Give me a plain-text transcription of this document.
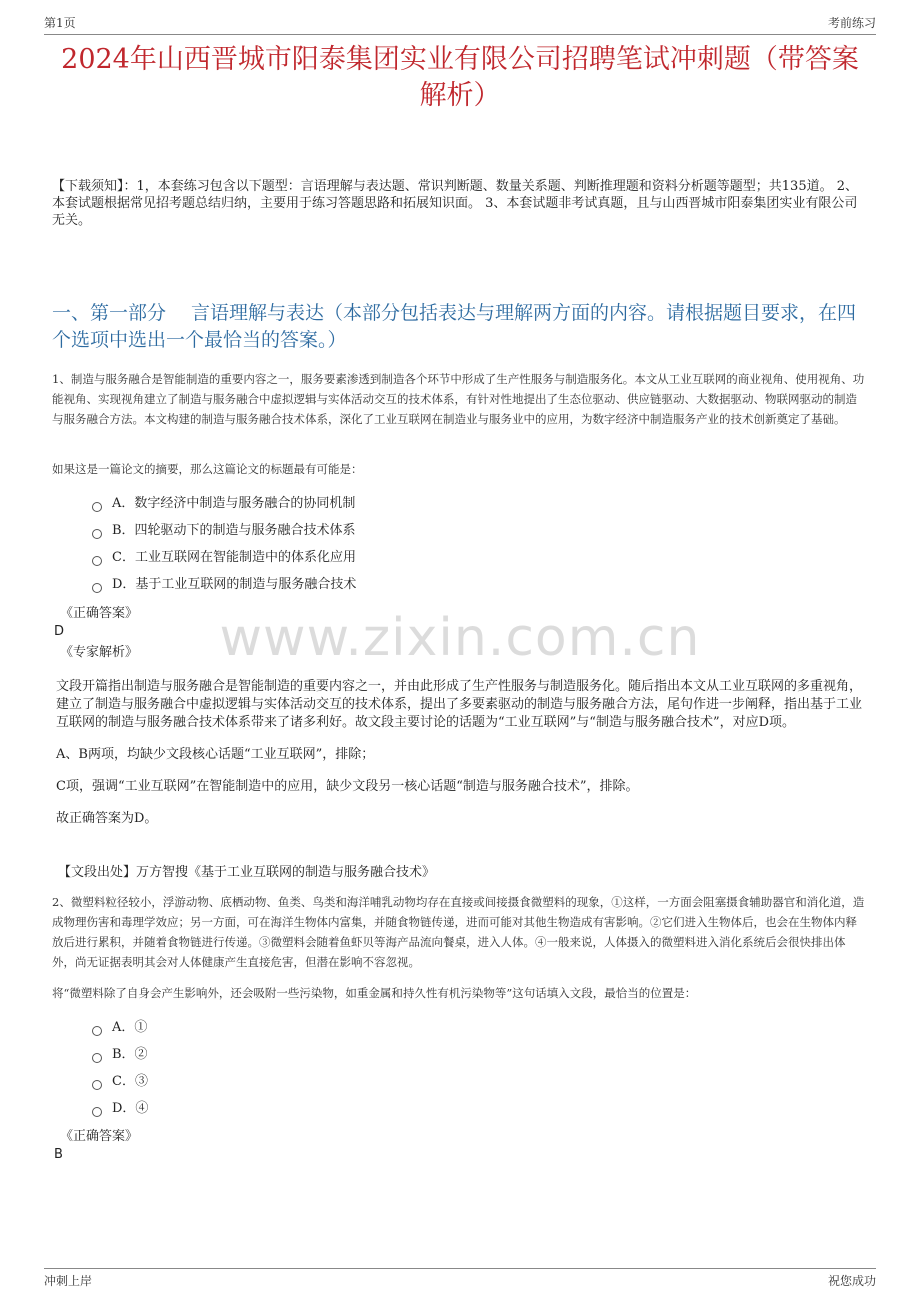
第1页	考前练习
2024年山西晋城市阳泰集团实业有限公司招聘笔试冲刺题（带答案解析）
【下载须知】：1，本套练习包含以下题型：言语理解与表达题、常识判断题、数量关系题、判断推理题和资料分析题等题型；共135道。 2、本套试题根据常见招考题总结归纳，主要用于练习答题思路和拓展知识面。 3、本套试题非考试真题，且与山西晋城市阳泰集团实业有限公司无关。
一、第一部分　 言语理解与表达（本部分包括表达与理解两方面的内容。请根据题目要求，在四个选项中选出一个最恰当的答案。）
1、制造与服务融合是智能制造的重要内容之一，服务要素渗透到制造各个环节中形成了生产性服务与制造服务化。本文从工业互联网的商业视角、使用视角、功能视角、实现视角建立了制造与服务融合中虚拟逻辑与实体活动交互的技术体系，有针对性地提出了生态位驱动、供应链驱动、大数据驱动、物联网驱动的制造与服务融合方法。本文构建的制造与服务融合技术体系，深化了工业互联网在制造业与服务业中的应用，为数字经济中制造服务产业的技术创新奠定了基础。
如果这是一篇论文的摘要，那么这篇论文的标题最有可能是：
A．数字经济中制造与服务融合的协同机制
B．四轮驱动下的制造与服务融合技术体系
C．工业互联网在智能制造中的体系化应用
D．基于工业互联网的制造与服务融合技术
www.zixin.com.cn
《正确答案》
D
《专家解析》

文段开篇指出制造与服务融合是智能制造的重要内容之一，并由此形成了生产性服务与制造服务化。随后指出本文从工业互联网的多重视角，建立了制造与服务融合中虚拟逻辑与实体活动交互的技术体系，提出了多要素驱动的制造与服务融合方法，尾句作进一步阐释，指出基于工业互联网的制造与服务融合技术体系带来了诸多利好。故文段主要讨论的话题为“工业互联网”与“制造与服务融合技术”，对应D项。

A、B两项，均缺少文段核心话题“工业互联网”，排除；

C项，强调“工业互联网”在智能制造中的应用，缺少文段另一核心话题“制造与服务融合技术”，排除。

故正确答案为D。

【文段出处】万方智搜《基于工业互联网的制造与服务融合技术》
2、微塑料粒径较小，浮游动物、底栖动物、鱼类、鸟类和海洋哺乳动物均存在直接或间接摄食微塑料的现象，①这样，一方面会阻塞摄食辅助器官和消化道，造成物理伤害和毒理学效应；另一方面，可在海洋生物体内富集，并随食物链传递，进而可能对其他生物造成有害影响。②它们进入生物体后，也会在生物体内释放后进行累积，并随着食物链进行传递。③微塑料会随着鱼虾贝等海产品流向餐桌，进入人体。④一般来说，人体摄入的微塑料进入消化系统后会很快排出体外，尚无证据表明其会对人体健康产生直接危害，但潜在影响不容忽视。
将“微塑料除了自身会产生影响外，还会吸附一些污染物，如重金属和持久性有机污染物等”这句话填入文段，最恰当的位置是：
A．①
B．②
C．③
D．④
《正确答案》
B
冲刺上岸	祝您成功
